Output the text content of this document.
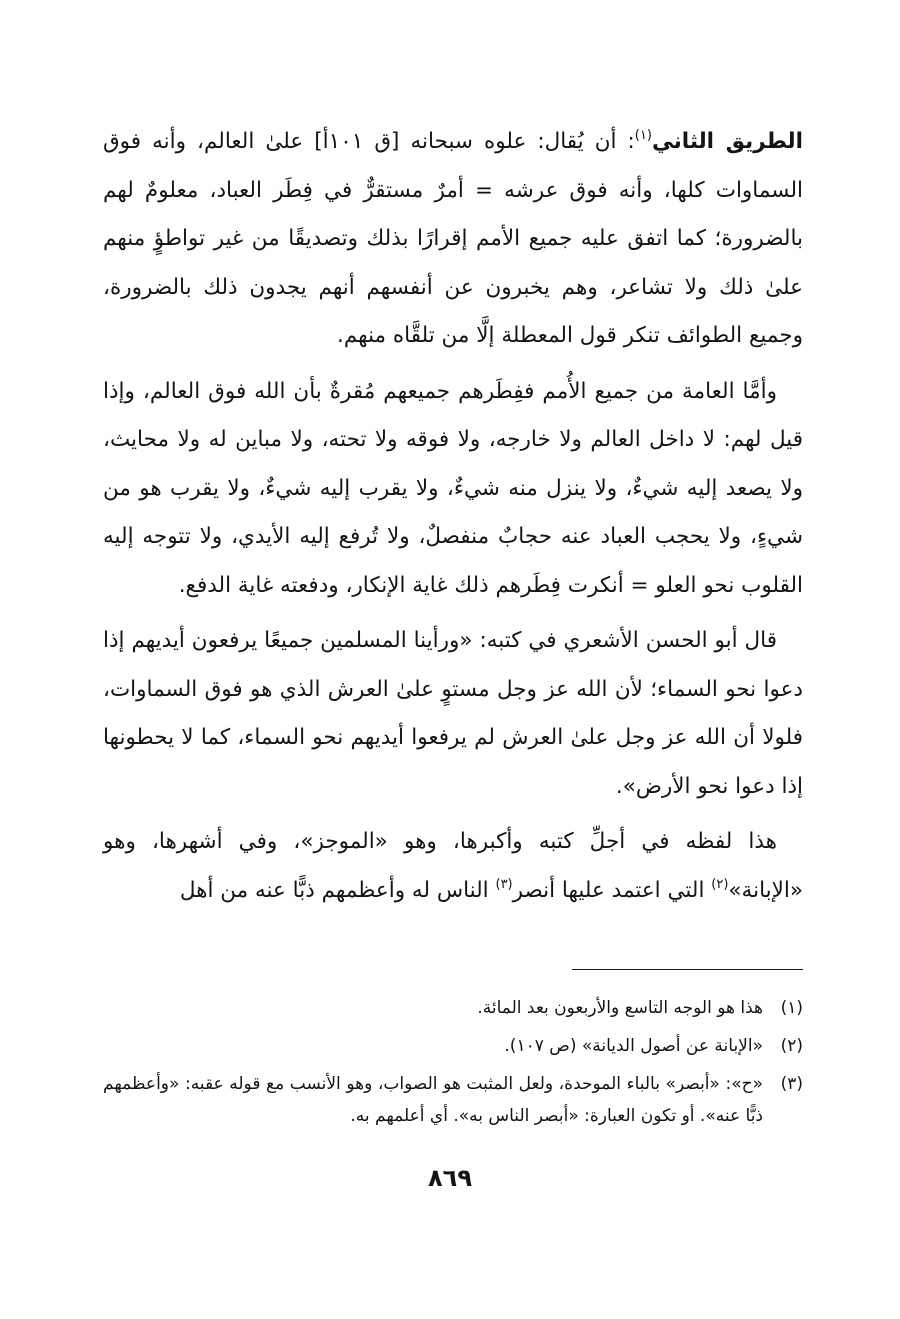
الطريق الثاني$^{(١)}$: أن يُقال: علوه سبحانه [ق ١٠١أ] علىٰ العالم، وأنه فوق السماوات كلها، وأنه فوق عرشه = أمرٌ مستقرٌّ في فِطَر العباد، معلومٌ لهم بالضرورة؛ كما اتفق عليه جميع الأمم إقرارًا بذلك وتصديقًا من غير تواطؤٍ منهم علىٰ ذلك ولا تشاعر، وهم يخبرون عن أنفسهم أنهم يجدون ذلك بالضرورة، وجميع الطوائف تنكر قول المعطلة إلَّا من تلقَّاه منهم.

وأمَّا العامة من جميع الأُمم ففِطَرهم جميعهم مُقرةٌ بأن الله فوق العالم، وإذا قيل لهم: لا داخل العالم ولا خارجه، ولا فوقه ولا تحته، ولا مباين له ولا محايث، ولا يصعد إليه شيءٌ، ولا ينزل منه شيءٌ، ولا يقرب إليه شيءٌ، ولا يقرب هو من شيءٍ، ولا يحجب العباد عنه حجابٌ منفصلٌ، ولا تُرفع إليه الأيدي، ولا تتوجه إليه القلوب نحو العلو = أنكرت فِطَرهم ذلك غاية الإنكار، ودفعته غاية الدفع.

قال أبو الحسن الأشعري في كتبه: «ورأينا المسلمين جميعًا يرفعون أيديهم إذا دعوا نحو السماء؛ لأن الله عز وجل مستوٍ علىٰ العرش الذي هو فوق السماوات، فلولا أن الله عز وجل علىٰ العرش لم يرفعوا أيديهم نحو السماء، كما لا يحطونها إذا دعوا نحو الأرض».

هذا لفظه في أجلِّ كتبه وأكبرها، وهو «الموجز»، وفي أشهرها، وهو «الإبانة»$^{(٢)}$ التي اعتمد عليها أنصر$^{(٣)}$ الناس له وأعظمهم ذبًّا عنه من أهل

(١)
هذا هو الوجه التاسع والأربعون بعد المائة.
(٢)
«الإبانة عن أصول الديانة» (ص ١٠٧).
(٣)
«ح»: «أبصر» بالباء الموحدة، ولعل المثبت هو الصواب، وهو الأنسب مع قوله عقبه: «وأعظمهم ذبًّا عنه». أو تكون العبارة: «أبصر الناس به». أي أعلمهم به.
٨٦٩
